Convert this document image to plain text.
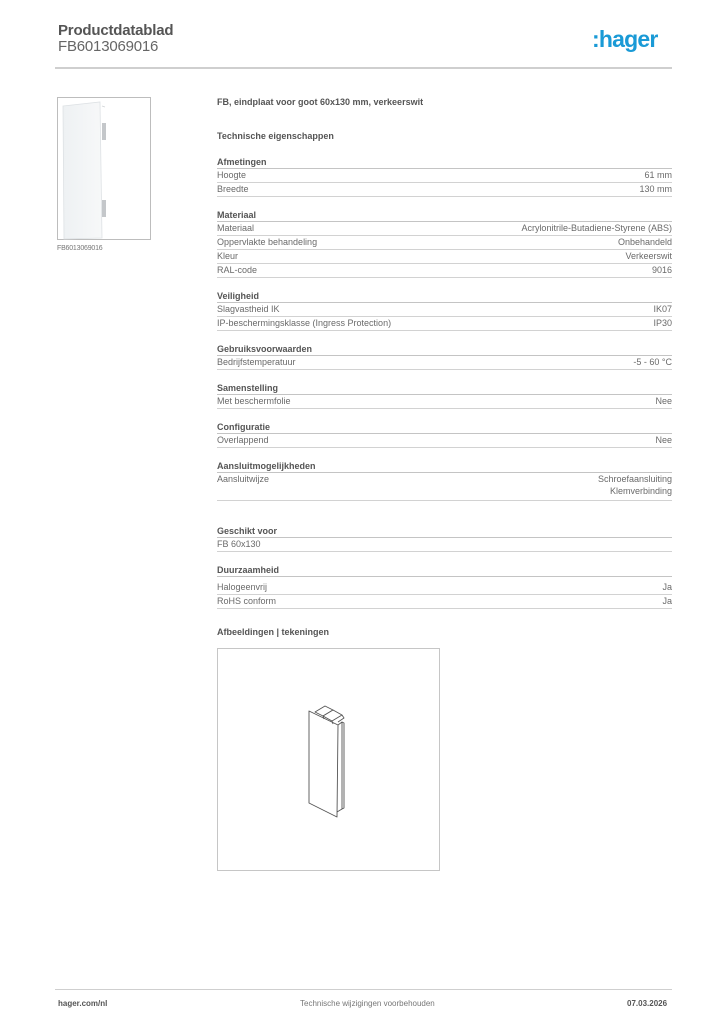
Productdatablad
FB6013069016	:hager
FB6013069016
FB, eindplaat voor goot 60x130 mm, verkeerswit
Technische eigenschappen
Afmetingen
Hoogte	61 mm
Breedte	130 mm
Materiaal
Materiaal	Acrylonitrile-Butadiene-Styrene (ABS)
Oppervlakte behandeling	Onbehandeld
Kleur	Verkeerswit
RAL-code	9016
Veiligheid
Slagvastheid IK	IK07
IP-beschermingsklasse (Ingress Protection)	IP30
Gebruiksvoorwaarden
Bedrijfstemperatuur	-5 - 60 °C
Samenstelling
Met beschermfolie	Nee
Configuratie
Overlappend	Nee
Aansluitmogelijkheden
Aansluitwijze	Schroefaansluiting
Klemverbinding
Geschikt voor
FB 60x130
Duurzaamheid
Halogeenvrij	Ja
RoHS conform	Ja
Afbeeldingen | tekeningen
hager.com/nl	Technische wijzigingen voorbehouden	07.03.2026
